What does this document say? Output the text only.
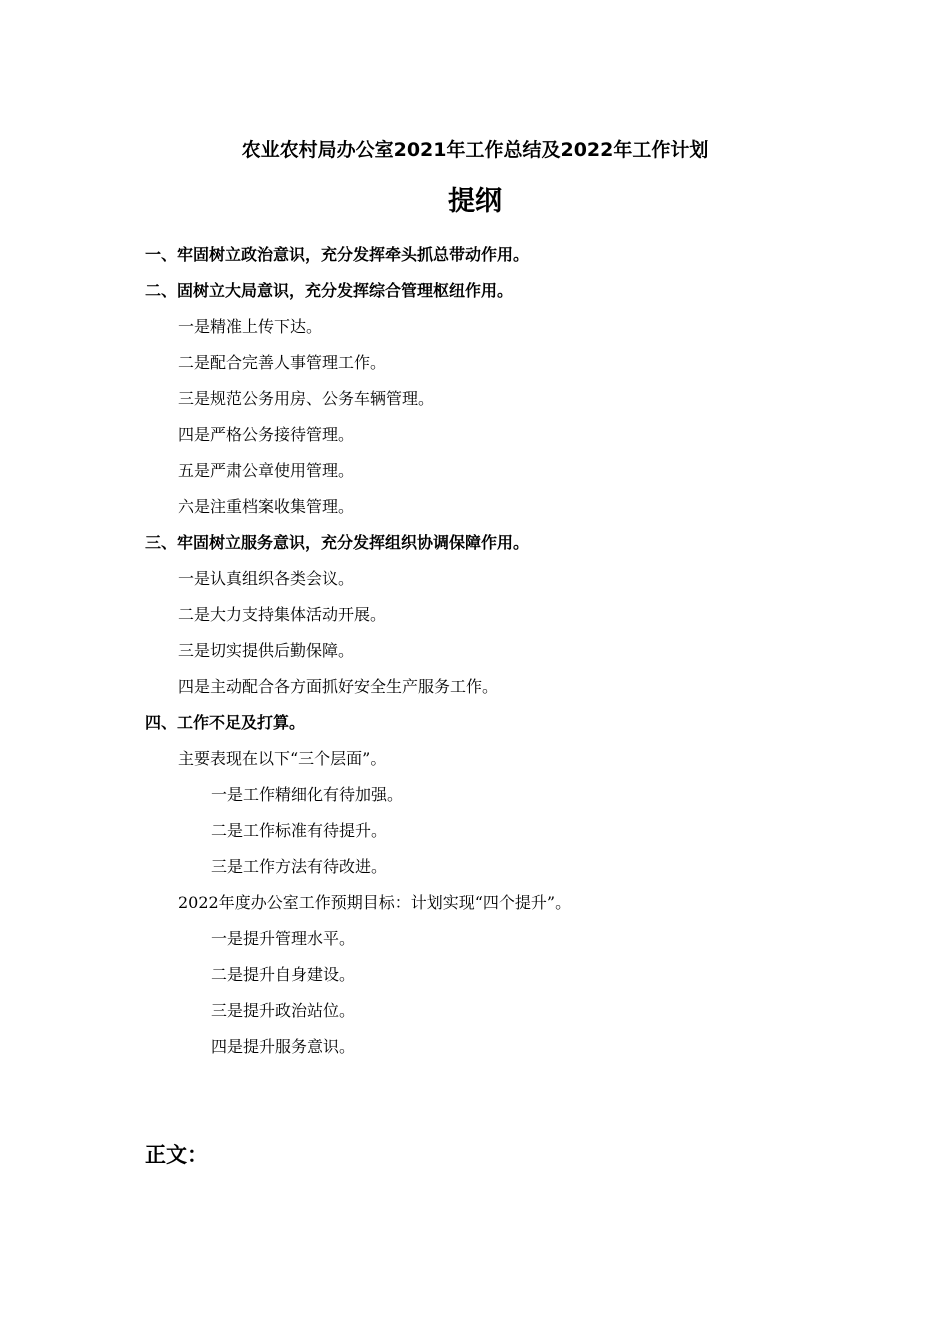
农业农村局办公室2021年工作总结及2022年工作计划
提纲
一、牢固树立政治意识，充分发挥牵头抓总带动作用。
二、固树立大局意识，充分发挥综合管理枢纽作用。
一是精准上传下达。
二是配合完善人事管理工作。
三是规范公务用房、公务车辆管理。
四是严格公务接待管理。
五是严肃公章使用管理。
六是注重档案收集管理。
三、牢固树立服务意识，充分发挥组织协调保障作用。
一是认真组织各类会议。
二是大力支持集体活动开展。
三是切实提供后勤保障。
四是主动配合各方面抓好安全生产服务工作。
四、工作不足及打算。
主要表现在以下“三个层面”。
一是工作精细化有待加强。
二是工作标准有待提升。
三是工作方法有待改进。
2022年度办公室工作预期目标：计划实现“四个提升”。
一是提升管理水平。
二是提升自身建设。
三是提升政治站位。
四是提升服务意识。
正文：
